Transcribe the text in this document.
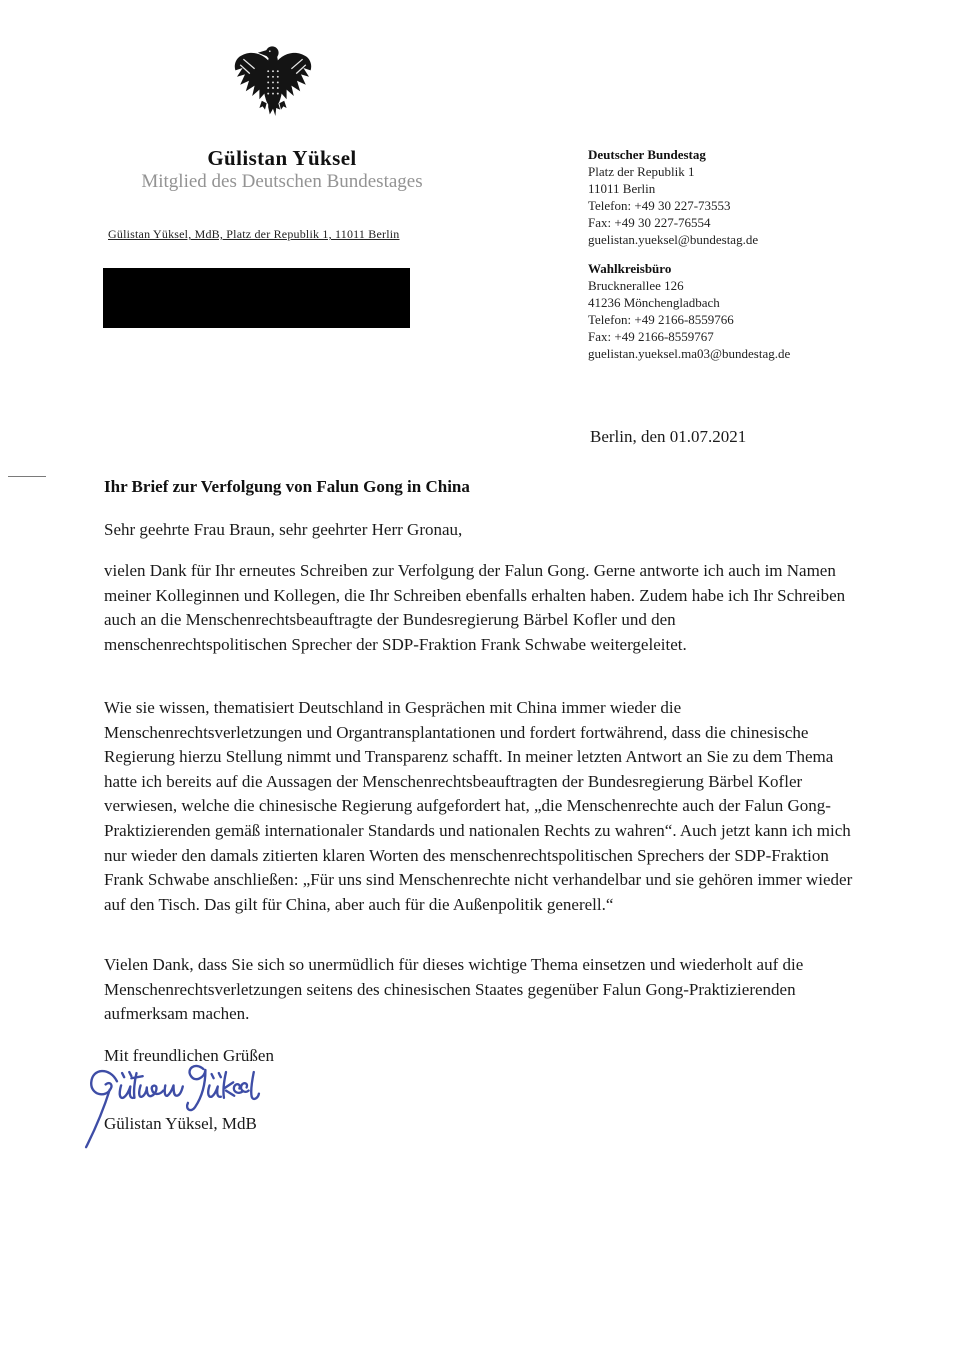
Gülistan Yüksel
Mitglied des Deutschen Bundestages
Gülistan Yüksel, MdB, Platz der Republik 1, 11011 Berlin
Deutscher Bundestag
Platz der Republik 1
11011 Berlin
Telefon: +49 30 227-73553
Fax: +49 30 227-76554
guelistan.yueksel@bundestag.de
Wahlkreisbüro
Brucknerallee 126
41236 Mönchengladbach
Telefon: +49 2166-8559766
Fax: +49 2166-8559767
guelistan.yueksel.ma03@bundestag.de
Berlin, den 01.07.2021
Ihr Brief zur Verfolgung von Falun Gong in China
Sehr geehrte Frau Braun, sehr geehrter Herr Gronau,

vielen Dank für Ihr erneutes Schreiben zur Verfolgung der Falun Gong. Gerne antworte ich auch im Namen meiner Kolleginnen und Kollegen, die Ihr Schreiben ebenfalls erhalten haben. Zudem habe ich Ihr Schreiben auch an die Menschenrechtsbeauftragte der Bundesregierung Bärbel Kofler und den menschenrechtspolitischen Sprecher der SDP-Fraktion Frank Schwabe weitergeleitet.

Wie sie wissen, thematisiert Deutschland in Gesprächen mit China immer wieder die Menschenrechtsverletzungen und Organtransplantationen und fordert fortwährend, dass die chinesische Regierung hierzu Stellung nimmt und Transparenz schafft. In meiner letzten Antwort an Sie zu dem Thema hatte ich bereits auf die Aussagen der Menschenrechtsbeauftragten der Bundesregierung Bärbel Kofler verwiesen, welche die chinesische Regierung aufgefordert hat, „die Menschenrechte auch der Falun Gong-Praktizierenden gemäß internationaler Standards und nationalen Rechts zu wahren“. Auch jetzt kann ich mich nur wieder den damals zitierten klaren Worten des menschenrechtspolitischen Sprechers der SDP-Fraktion Frank Schwabe anschließen: „Für uns sind Menschenrechte nicht verhandelbar und sie gehören immer wieder auf den Tisch. Das gilt für China, aber auch für die Außenpolitik generell.“

Vielen Dank, dass Sie sich so unermüdlich für dieses wichtige Thema einsetzen und wiederholt auf die Menschenrechtsverletzungen seitens des chinesischen Staates gegenüber Falun Gong-Praktizierenden aufmerksam machen.

Mit freundlichen Grüßen
Gülistan Yüksel, MdB
